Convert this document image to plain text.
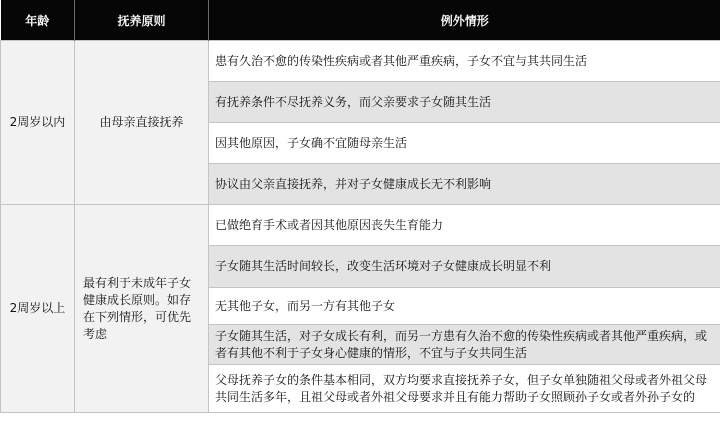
年龄	抚养原则	例外情形
2周岁以内	由母亲直接抚养	患有久治不愈的传染性疾病或者其他严重疾病，子女不宜与其共同生活
		有抚养条件不尽抚养义务，而父亲要求子女随其生活
		因其他原因，子女确不宜随母亲生活
		协议由父亲直接抚养，并对子女健康成长无不利影响
2周岁以上	最有利于未成年子女健康成长原则。如存在下列情形，可优先考虑	已做绝育手术或者因其他原因丧失生育能力
		子女随其生活时间较长，改变生活环境对子女健康成长明显不利
		无其他子女，而另一方有其他子女
		子女随其生活，对子女成长有利，而另一方患有久治不愈的传染性疾病或者其他严重疾病，或者有其他不利于子女身心健康的情形，不宜与子女共同生活
		父母抚养子女的条件基本相同，双方均要求直接抚养子女，但子女单独随祖父母或者外祖父母共同生活多年，且祖父母或者外祖父母要求并且有能力帮助子女照顾孙子女或者外孙子女的
